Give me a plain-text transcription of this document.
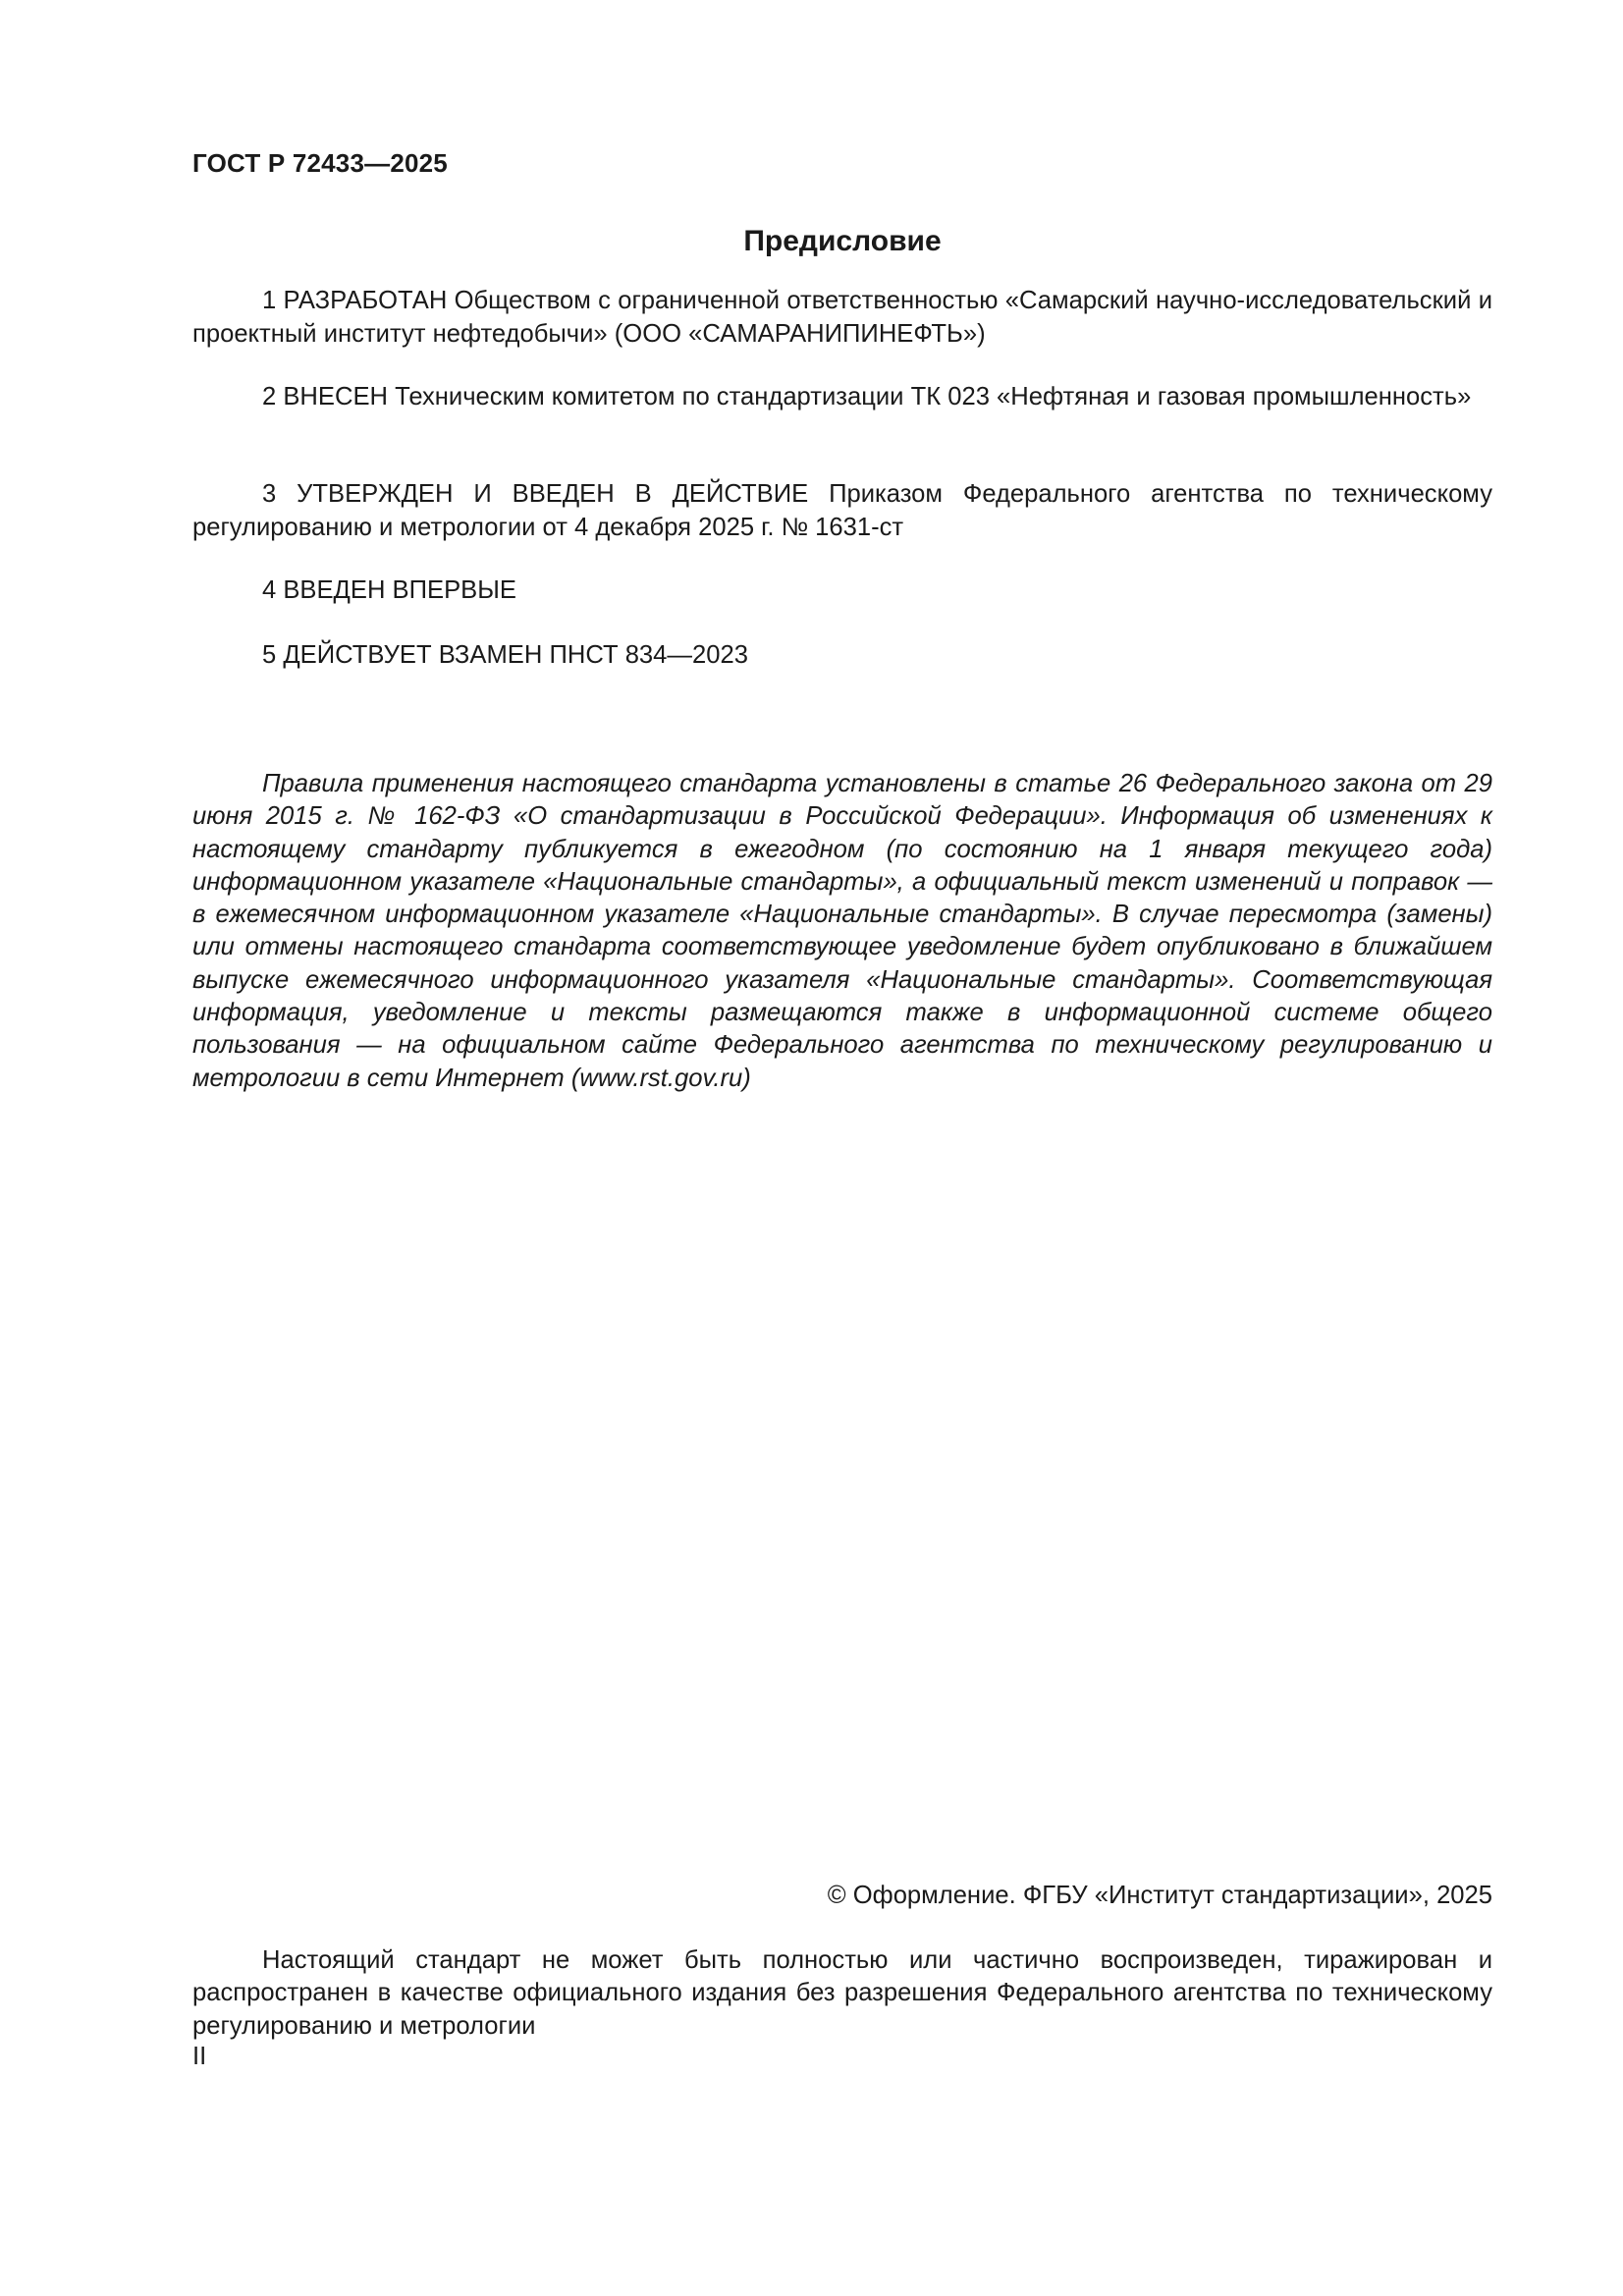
ГОСТ Р 72433—2025
Предисловие

1 РАЗРАБОТАН Обществом с ограниченной ответственностью «Самарский научно-исследовательский и проектный институт нефтедобычи» (ООО «САМАРАНИПИНЕФТЬ»)

2 ВНЕСЕН Техническим комитетом по стандартизации ТК 023 «Нефтяная и газовая промышленность»

3 УТВЕРЖДЕН И ВВЕДЕН В ДЕЙСТВИЕ Приказом Федерального агентства по техническому регулированию и метрологии от 4 декабря 2025 г. № 1631-ст

4 ВВЕДЕН ВПЕРВЫЕ

5 ДЕЙСТВУЕТ ВЗАМЕН ПНСТ 834—2023

Правила применения настоящего стандарта установлены в статье 26 Федерального закона от 29 июня 2015 г. № 162-ФЗ «О стандартизации в Российской Федерации». Информация об изменениях к настоящему стандарту публикуется в ежегодном (по состоянию на 1 января текущего года) информационном указателе «Национальные стандарты», а официальный текст изменений и поправок — в ежемесячном информационном указателе «Национальные стандарты». В случае пересмотра (замены) или отмены настоящего стандарта соответствующее уведомление будет опубликовано в ближайшем выпуске ежемесячного информационного указателя «Национальные стандарты». Соответствующая информация, уведомление и тексты размещаются также в информационной системе общего пользования — на официальном сайте Федерального агентства по техническому регулированию и метрологии в сети Интернет (www.rst.gov.ru)

© Оформление. ФГБУ «Институт стандартизации», 2025

Настоящий стандарт не может быть полностью или частично воспроизведен, тиражирован и распространен в качестве официального издания без разрешения Федерального агентства по техническому регулированию и метрологии

II
